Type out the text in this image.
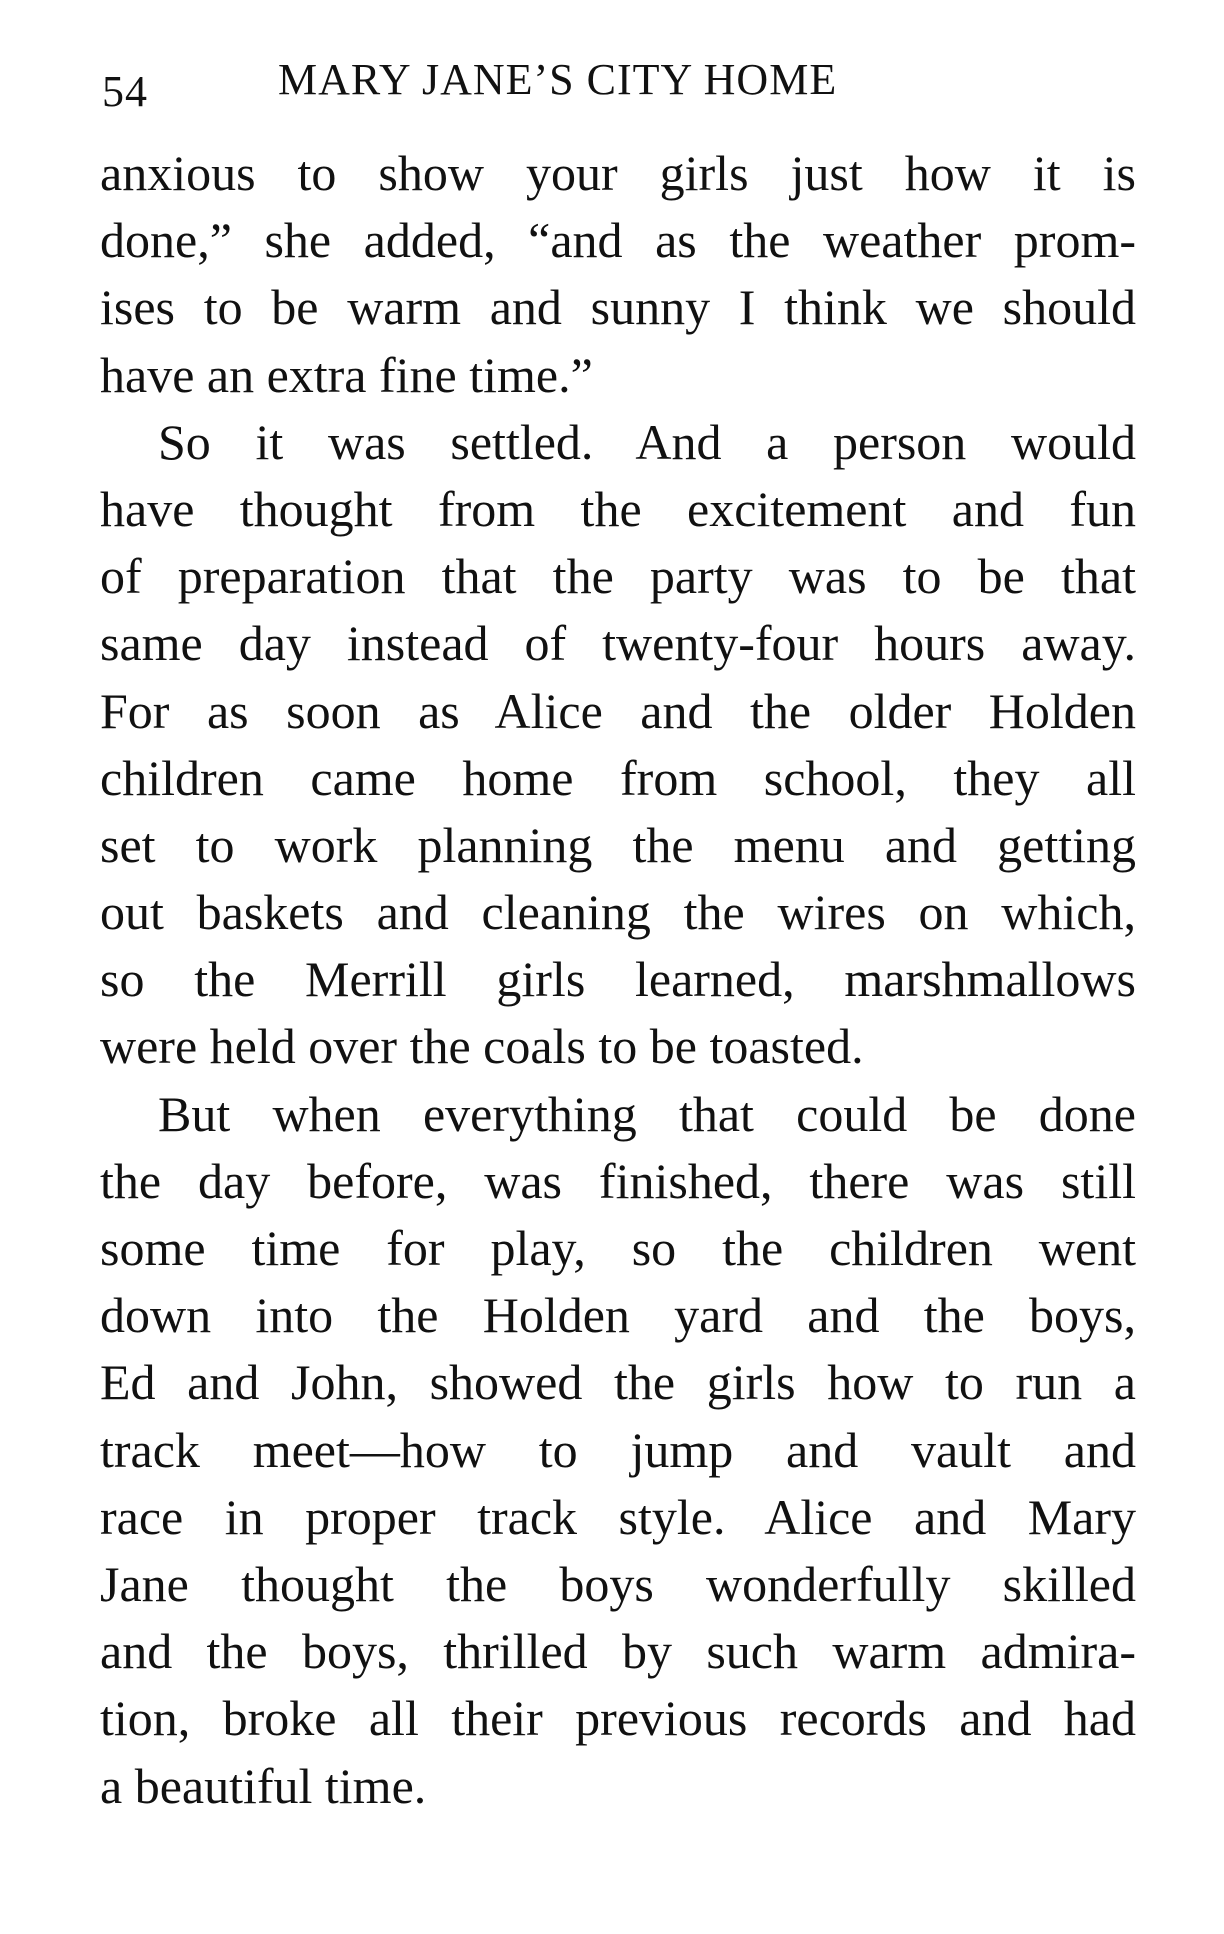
54	MARY JANE’S CITY HOME

anxious to show your girls just how it is
done,” she added, “and as the weather prom-
ises to be warm and sunny I think we should
have an extra fine time.”

So it was settled. And a person would
have thought from the excitement and fun
of preparation that the party was to be that
same day instead of twenty-four hours away.
For as soon as Alice and the older Holden
children came home from school, they all
set to work planning the menu and getting
out baskets and cleaning the wires on which,
so the Merrill girls learned, marshmallows
were held over the coals to be toasted.

But when everything that could be done
the day before, was finished, there was still
some time for play, so the children went
down into the Holden yard and the boys,
Ed and John, showed the girls how to run a
track meet—how to jump and vault and
race in proper track style. Alice and Mary
Jane thought the boys wonderfully skilled
and the boys, thrilled by such warm admira-
tion, broke all their previous records and had
a beautiful time.
